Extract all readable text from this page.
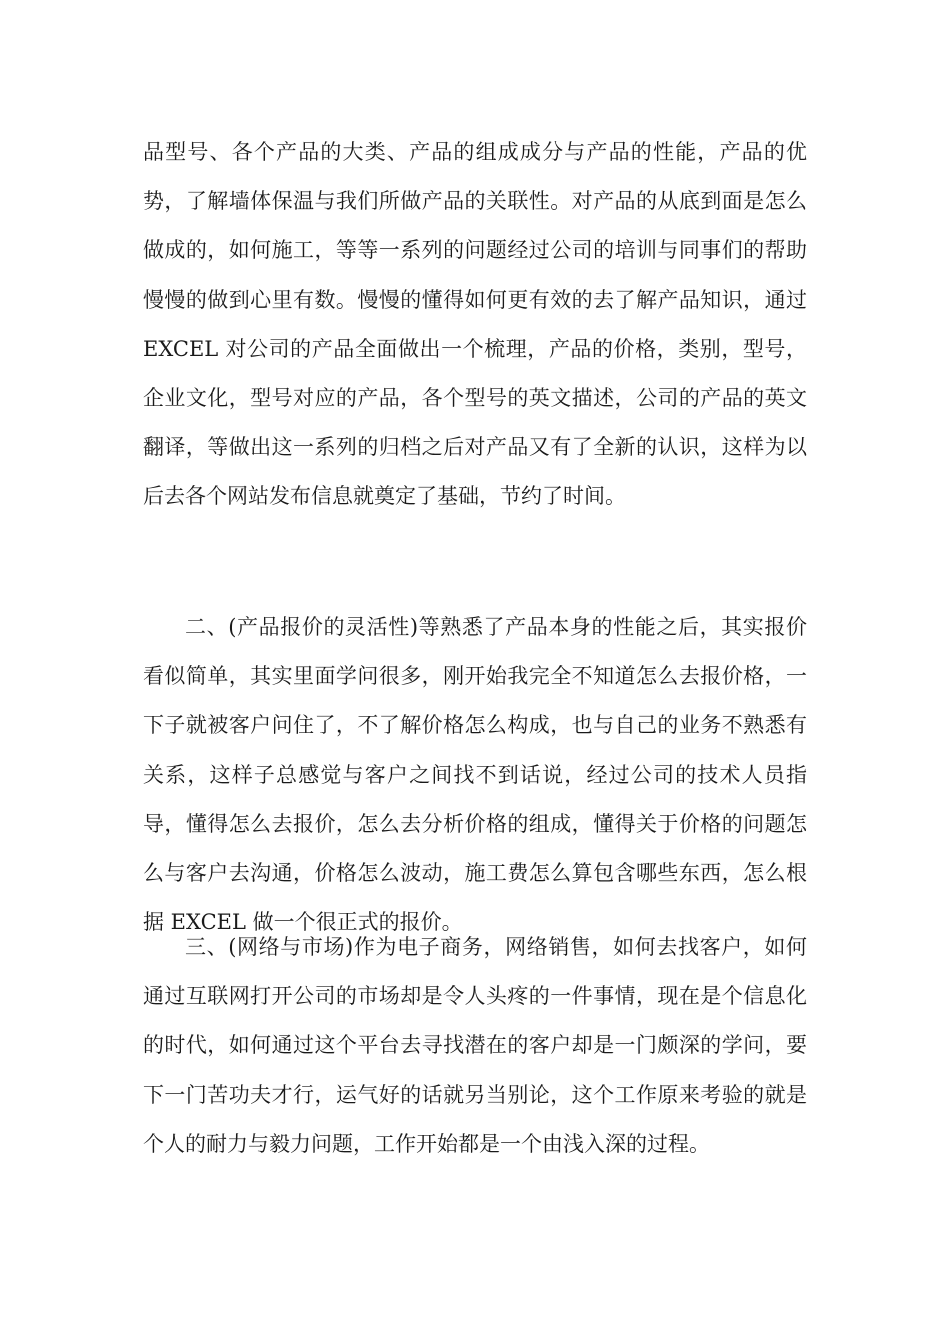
品型号、各个产品的大类、产品的组成成分与产品的性能，产品的优势，了解墙体保温与我们所做产品的关联性。对产品的从底到面是怎么做成的，如何施工，等等一系列的问题经过公司的培训与同事们的帮助慢慢的做到心里有数。慢慢的懂得如何更有效的去了解产品知识，通过 EXCEL 对公司的产品全面做出一个梳理，产品的价格，类别，型号，企业文化，型号对应的产品，各个型号的英文描述，公司的产品的英文翻译，等做出这一系列的归档之后对产品又有了全新的认识，这样为以后去各个网站发布信息就奠定了基础，节约了时间。

二、(产品报价的灵活性)等熟悉了产品本身的性能之后，其实报价看似简单，其实里面学问很多，刚开始我完全不知道怎么去报价格，一下子就被客户问住了，不了解价格怎么构成，也与自己的业务不熟悉有关系，这样子总感觉与客户之间找不到话说，经过公司的技术人员指导，懂得怎么去报价，怎么去分析价格的组成，懂得关于价格的问题怎么与客户去沟通，价格怎么波动，施工费怎么算包含哪些东西，怎么根据 EXCEL 做一个很正式的报价。

三、(网络与市场)作为电子商务，网络销售，如何去找客户，如何通过互联网打开公司的市场却是令人头疼的一件事情，现在是个信息化的时代，如何通过这个平台去寻找潜在的客户却是一门颇深的学问，要下一门苦功夫才行，运气好的话就另当别论，这个工作原来考验的就是个人的耐力与毅力问题，工作开始都是一个由浅入深的过程。
